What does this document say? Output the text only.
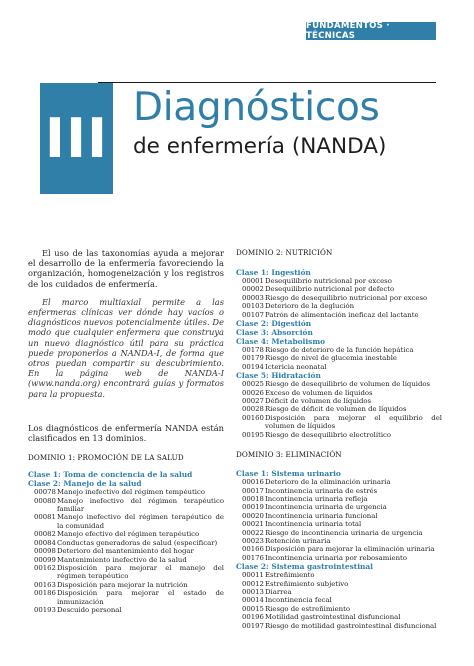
FUNDAMENTOS · TÉCNICAS
III Diagnósticos
de enfermería (NANDA)

El uso de las taxonomías ayuda a mejorar el desarrollo de la enfermería favoreciendo la organización, homogeneización y los registros de los cuidados de enfermería.

El marco multiaxial permite a las enfermeras clínicas ver dónde hay vacíos o diagnósticos nuevos potencialmente útiles. De modo que cualquier enfermera que construya un nuevo diagnóstico útil para su práctica puede proponerlos a NANDA-I, de forma que otros puedan compartir su descubrimiento. En la página web de NANDA-I (www.nanda.org) encontrará guías y formatos para la propuesta.

Los diagnósticos de enfermería NANDA están clasificados en 13 dominios.

DOMINIO 1: PROMOCIÓN DE LA SALUD
Clase 1: Toma de conciencia de la salud
Clase 2: Manejo de la salud
00078 Manejo inefectivo del régimen tempéutico
00080 Manejo inefectivo del régimen terapéutico familiar
00081 Manejo inefectivo del régimen terapéutico de la comunidad
00082 Manejo efectivo del régimen terapéutico
00084 Conductas generadoras de salud (especificar)
00098 Deterioro del mantenimiento del hogar
00099 Mantenimiento inefectivo de la salud
00162 Disposición para mejorar el manejo del régimen terapéutico
00163 Disposición para mejorar la nutrición
00186 Disposición para mejorar el estado de inmunización
00193 Descuido personal
DOMINIO 2: NUTRICIÓN
Clase 1: Ingestión
00001 Desequilibrio nutricional por exceso
00002 Desequilibrio nutricional por defecto
00003 Riesgo de desequilibrio nutricional por exceso
00103 Deterioro de la deglución
00107 Patrón de alimentación ineficaz del lactante
Clase 2: Digestión
Clase 3: Absorción
Clase 4: Metabolismo
00178 Riesgo de deterioro de la función hepática
00179 Riesgo de nivel de glucemia inestable
00194 Ictericia neonatal
Clase 5: Hidratación
00025 Riesgo de desequilibrio de volumen de líquidos
00026 Exceso de volumen de líquidos
00027 Déficit de volumen de líquidos
00028 Riesgo de déficit de volumen de líquidos
00160 Disposición para mejorar el equilibrio del volumen de líquidos
00195 Riesgo de desequilibrio electrolítico
DOMINIO 3: ELIMINACIÓN
Clase 1: Sistema urinario
00016 Deterioro de la eliminación urinaria
00017 Incontinencia urinaria de estrés
00018 Incontinencia urinaria refleja
00019 Incontinencia urinaria de urgencia
00020 Incontinencia urinaria funcional
00021 Incontinencia urinaria total
00022 Riesgo de incontinencia urinaria de urgencia
00023 Retención urinaria
00166 Disposición para mejorar la eliminación urinaria
00176 Incontinencia urinaria por rebosamiento
Clase 2: Sistema gastrointestinal
00011 Estreñimiento
00012 Estreñimiento subjetivo
00013 Diarrea
00014 Incontinencia fecal
00015 Riesgo de estreñimiento
00196 Motilidad gastrointestinal disfuncional
00197 Riesgo de motilidad gastrointestinal disfuncional
